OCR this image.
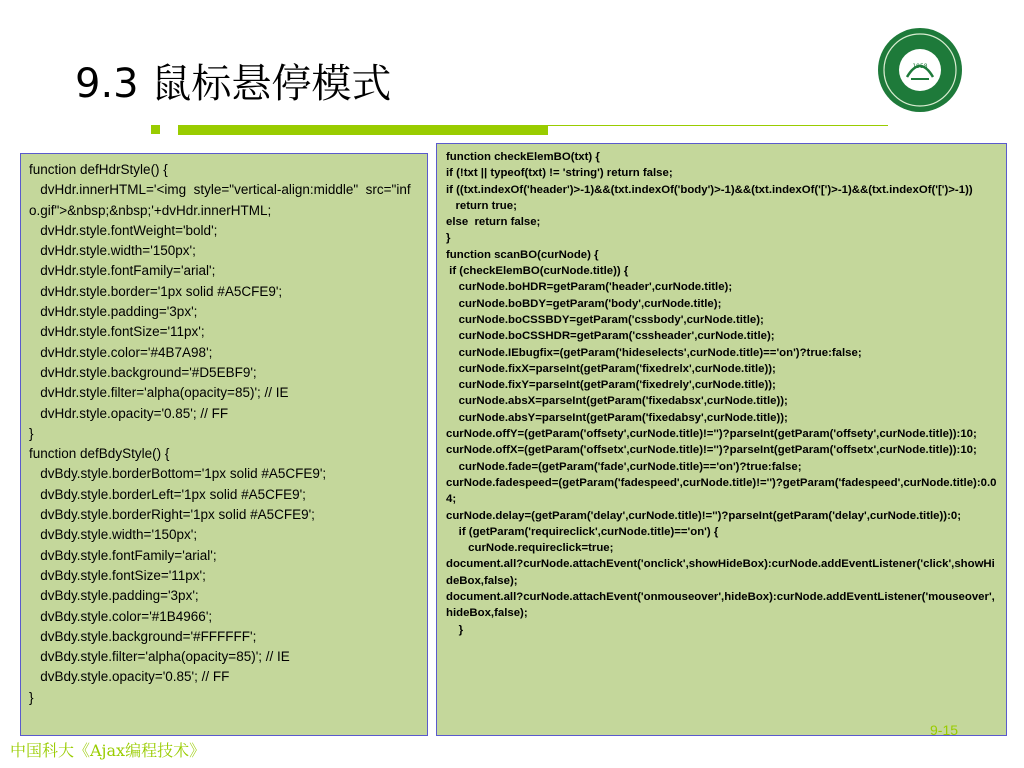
9.3 鼠标悬停模式	1958
function defHdrStyle() {
dvHdr.innerHTML='<img  style="vertical-align:middle"  src="info.gif">&nbsp;&nbsp;'+dvHdr.innerHTML;
dvHdr.style.fontWeight='bold';
dvHdr.style.width='150px';
dvHdr.style.fontFamily='arial';
dvHdr.style.border='1px solid #A5CFE9';
dvHdr.style.padding='3px';
dvHdr.style.fontSize='11px';
dvHdr.style.color='#4B7A98';
dvHdr.style.background='#D5EBF9';
dvHdr.style.filter='alpha(opacity=85)'; // IE
dvHdr.style.opacity='0.85'; // FF
}
function defBdyStyle() {
dvBdy.style.borderBottom='1px solid #A5CFE9';
dvBdy.style.borderLeft='1px solid #A5CFE9';
dvBdy.style.borderRight='1px solid #A5CFE9';
dvBdy.style.width='150px';
dvBdy.style.fontFamily='arial';
dvBdy.style.fontSize='11px';
dvBdy.style.padding='3px';
dvBdy.style.color='#1B4966';
dvBdy.style.background='#FFFFFF';
dvBdy.style.filter='alpha(opacity=85)'; // IE
dvBdy.style.opacity='0.85'; // FF
}
function checkElemBO(txt) {
if (!txt || typeof(txt) != 'string') return false;
if ((txt.indexOf('header')>-1)&&(txt.indexOf('body')>-1)&&(txt.indexOf('[')>-1)&&(txt.indexOf('[')>-1))
return true;
else  return false;
}
function scanBO(curNode) {
if (checkElemBO(curNode.title)) {
curNode.boHDR=getParam('header',curNode.title);
curNode.boBDY=getParam('body',curNode.title);
curNode.boCSSBDY=getParam('cssbody',curNode.title);
curNode.boCSSHDR=getParam('cssheader',curNode.title);
curNode.IEbugfix=(getParam('hideselects',curNode.title)=='on')?true:false;
curNode.fixX=parseInt(getParam('fixedrelx',curNode.title));
curNode.fixY=parseInt(getParam('fixedrely',curNode.title));
curNode.absX=parseInt(getParam('fixedabsx',curNode.title));
curNode.absY=parseInt(getParam('fixedabsy',curNode.title));
curNode.offY=(getParam('offsety',curNode.title)!='')?parseInt(getParam('offsety',curNode.title)):10;
curNode.offX=(getParam('offsetx',curNode.title)!='')?parseInt(getParam('offsetx',curNode.title)):10;
curNode.fade=(getParam('fade',curNode.title)=='on')?true:false;
curNode.fadespeed=(getParam('fadespeed',curNode.title)!='')?getParam('fadespeed',curNode.title):0.04;
curNode.delay=(getParam('delay',curNode.title)!='')?parseInt(getParam('delay',curNode.title)):0;
if (getParam('requireclick',curNode.title)=='on') {
curNode.requireclick=true;
document.all?curNode.attachEvent('onclick',showHideBox):curNode.addEventListener('click',showHideBox,false);
document.all?curNode.attachEvent('onmouseover',hideBox):curNode.addEventListener('mouseover',hideBox,false);
}
9-15
中国科大《Ajax编程技术》
